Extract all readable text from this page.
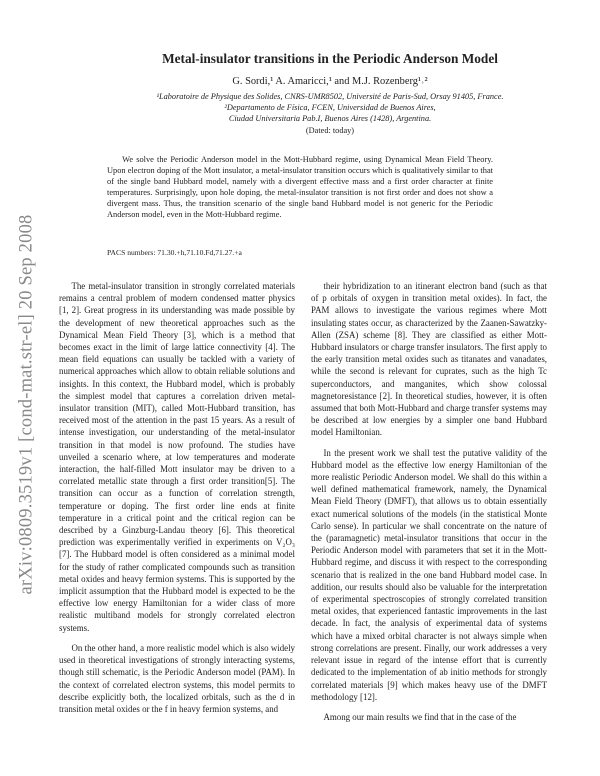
arXiv:0809.3519v1 [cond-mat.str-el] 20 Sep 2008
Metal-insulator transitions in the Periodic Anderson Model
G. Sordi,¹ A. Amaricci,¹ and M.J. Rozenberg¹˒²
¹Laboratoire de Physique des Solides, CNRS-UMR8502, Université de Paris-Sud, Orsay 91405, France.
²Departamento de Física, FCEN, Universidad de Buenos Aires,
Ciudad Universitaria Pab.I, Buenos Aires (1428), Argentina.
(Dated: today)

We solve the Periodic Anderson model in the Mott-Hubbard regime, using Dynamical Mean Field Theory. Upon electron doping of the Mott insulator, a metal-insulator transition occurs which is qualitatively similar to that of the single band Hubbard model, namely with a divergent effective mass and a first order character at finite temperatures. Surprisingly, upon hole doping, the metal-insulator transition is not first order and does not show a divergent mass. Thus, the transition scenario of the single band Hubbard model is not generic for the Periodic Anderson model, even in the Mott-Hubbard regime.

PACS numbers: 71.30.+h,71.10.Fd,71.27.+a

The metal-insulator transition in strongly correlated materials remains a central problem of modern condensed matter physics [1, 2]. Great progress in its understanding was made possible by the development of new theoretical approaches such as the Dynamical Mean Field Theory [3], which is a method that becomes exact in the limit of large lattice connectivity [4]. The mean field equations can usually be tackled with a variety of numerical approaches which allow to obtain reliable solutions and insights. In this context, the Hubbard model, which is probably the simplest model that captures a correlation driven metal-insulator transition (MIT), called Mott-Hubbard transition, has received most of the attention in the past 15 years. As a result of intense investigation, our understanding of the metal-insulator transition in that model is now profound. The studies have unveiled a scenario where, at low temperatures and moderate interaction, the half-filled Mott insulator may be driven to a correlated metallic state through a first order transition[5]. The transition can occur as a function of correlation strength, temperature or doping. The first order line ends at finite temperature in a critical point and the critical region can be described by a Ginzburg-Landau theory [6]. This theoretical prediction was experimentally verified in experiments on V₂O₃ [7]. The Hubbard model is often considered as a minimal model for the study of rather complicated compounds such as transition metal oxides and heavy fermion systems. This is supported by the implicit assumption that the Hubbard model is expected to be the effective low energy Hamiltonian for a wider class of more realistic multiband models for strongly correlated electron systems.

On the other hand, a more realistic model which is also widely used in theoretical investigations of strongly interacting systems, though still schematic, is the Periodic Anderson model (PAM). In the context of correlated electron systems, this model permits to describe explicitly both, the localized orbitals, such as the d in transition metal oxides or the f in heavy fermion systems, and

their hybridization to an itinerant electron band (such as that of p orbitals of oxygen in transition metal oxides). In fact, the PAM allows to investigate the various regimes where Mott insulating states occur, as characterized by the Zaanen-Sawatzky-Allen (ZSA) scheme [8]. They are classified as either Mott-Hubbard insulators or charge transfer insulators. The first apply to the early transition metal oxides such as titanates and vanadates, while the second is relevant for cuprates, such as the high Tc superconductors, and manganites, which show colossal magnetoresistance [2]. In theoretical studies, however, it is often assumed that both Mott-Hubbard and charge transfer systems may be described at low energies by a simpler one band Hubbard model Hamiltonian.

In the present work we shall test the putative validity of the Hubbard model as the effective low energy Hamiltonian of the more realistic Periodic Anderson model. We shall do this within a well defined mathematical framework, namely, the Dynamical Mean Field Theory (DMFT), that allows us to obtain essentially exact numerical solutions of the models (in the statistical Monte Carlo sense). In particular we shall concentrate on the nature of the (paramagnetic) metal-insulator transitions that occur in the Periodic Anderson model with parameters that set it in the Mott-Hubbard regime, and discuss it with respect to the corresponding scenario that is realized in the one band Hubbard model case. In addition, our results should also be valuable for the interpretation of experimental spectroscopies of strongly correlated transition metal oxides, that experienced fantastic improvements in the last decade. In fact, the analysis of experimental data of systems which have a mixed orbital character is not always simple when strong correlations are present. Finally, our work addresses a very relevant issue in regard of the intense effort that is currently dedicated to the implementation of ab initio methods for strongly correlated materials [9] which makes heavy use of the DMFT methodology [12].

Among our main results we find that in the case of the
